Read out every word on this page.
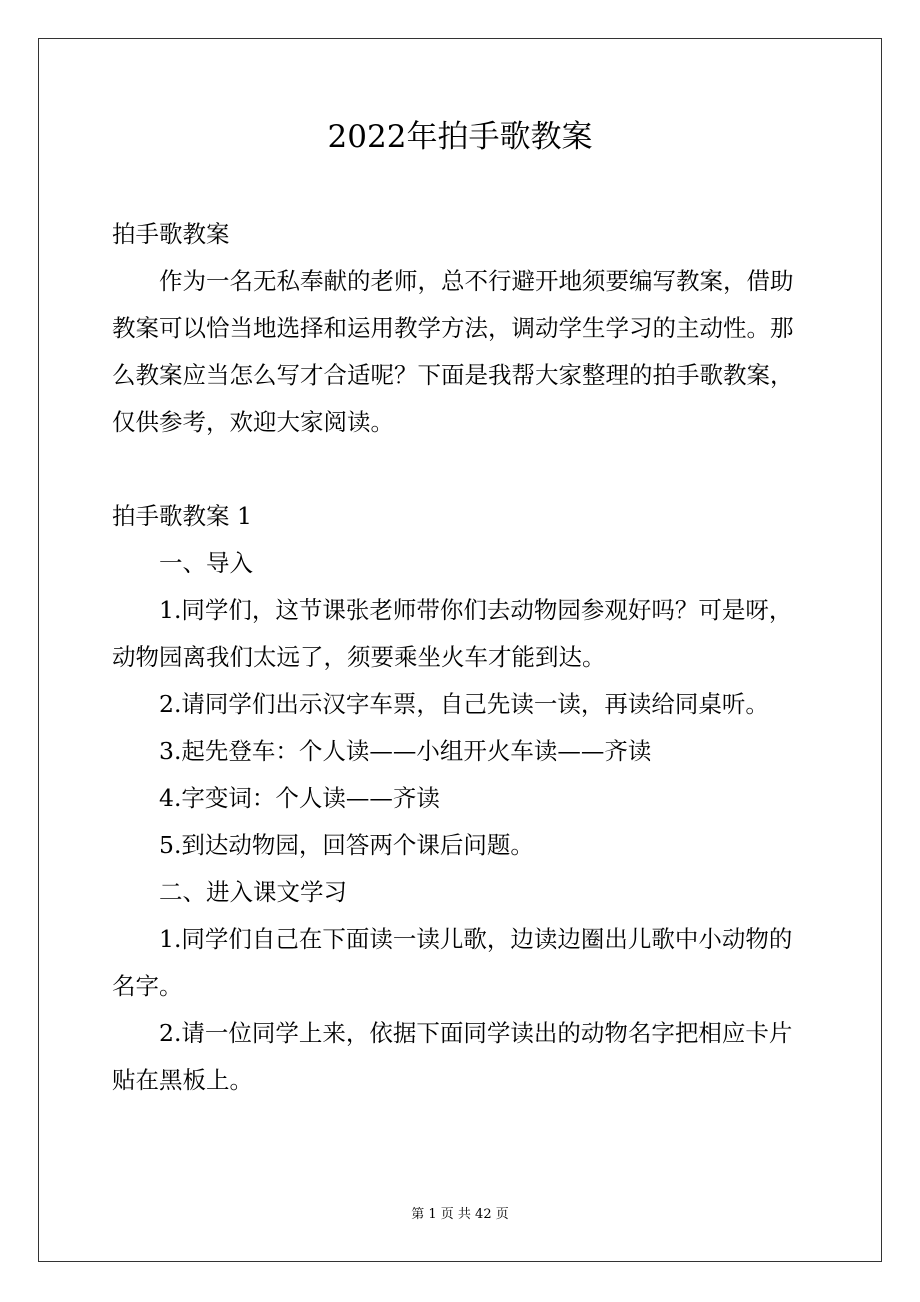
2022年拍手歌教案

拍手歌教案

作为一名无私奉献的老师，总不行避开地须要编写教案，借助教案可以恰当地选择和运用教学方法，调动学生学习的主动性。那么教案应当怎么写才合适呢？下面是我帮大家整理的拍手歌教案，仅供参考，欢迎大家阅读。

拍手歌教案 1

一、导入

1.同学们，这节课张老师带你们去动物园参观好吗？可是呀，动物园离我们太远了，须要乘坐火车才能到达。

2.请同学们出示汉字车票，自己先读一读，再读给同桌听。

3.起先登车：个人读——小组开火车读——齐读

4.字变词：个人读——齐读

5.到达动物园，回答两个课后问题。

二、进入课文学习

1.同学们自己在下面读一读儿歌，边读边圈出儿歌中小动物的名字。

2.请一位同学上来，依据下面同学读出的动物名字把相应卡片贴在黑板上。

第 1 页 共 42 页
